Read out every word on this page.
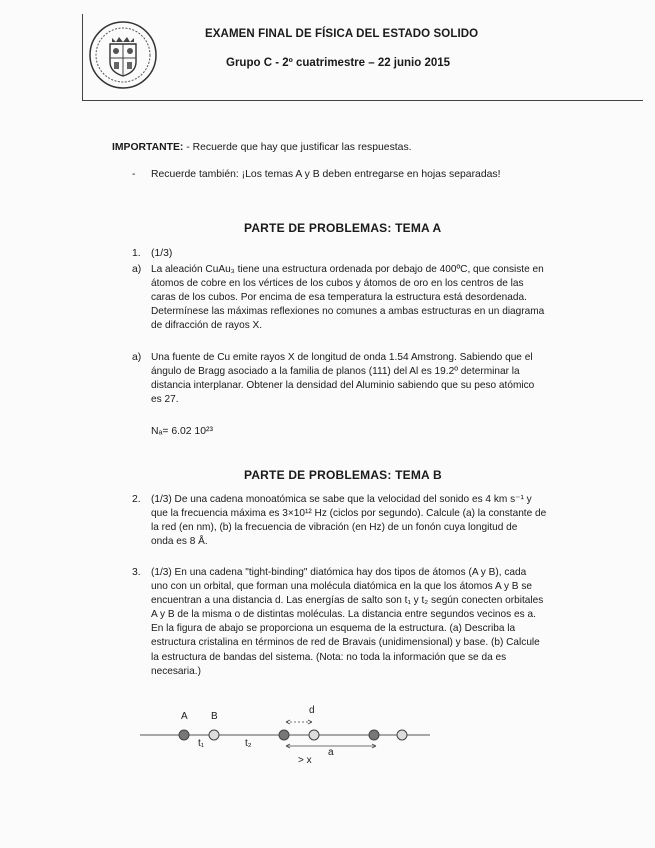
EXAMEN FINAL DE FÍSICA DEL ESTADO SOLIDO
Grupo C - 2º cuatrimestre – 22 junio 2015
IMPORTANTE: - Recuerde que hay que justificar las respuestas.
- Recuerde también: ¡Los temas A y B deben entregarse en hojas separadas!
PARTE DE PROBLEMAS: TEMA A
1. (1/3)
a) La aleación CuAu₃ tiene una estructura ordenada por debajo de 400ºC, que consiste en
átomos de cobre en los vértices de los cubos y átomos de oro en los centros de las
caras de los cubos. Por encima de esa temperatura la estructura está desordenada.
Determínese las máximas reflexiones no comunes a ambas estructuras en un diagrama
de difracción de rayos X.
a) Una fuente de Cu emite rayos X de longitud de onda 1.54 Amstrong. Sabiendo que el
ángulo de Bragg asociado a la familia de planos (111) del Al es 19.2º determinar la
distancia interplanar. Obtener la densidad del Aluminio sabiendo que su peso atómico
es 27.
Nₐ= 6.02 10²³
PARTE DE PROBLEMAS: TEMA B
2. (1/3) De una cadena monoatómica se sabe que la velocidad del sonido es 4 km s⁻¹ y
que la frecuencia máxima es 3×10¹² Hz (ciclos por segundo). Calcule (a) la constante de
la red (en nm), (b) la frecuencia de vibración (en Hz) de un fonón cuya longitud de
onda es 8 Å.
3. (1/3) En una cadena "tight-binding" diatómica hay dos tipos de átomos (A y B), cada
uno con un orbital, que forman una molécula diatómica en la que los átomos A y B se
encuentran a una distancia d. Las energías de salto son t₁ y t₂ según conecten orbitales
A y B de la misma o de distintas moléculas. La distancia entre segundos vecinos es a.
En la figura de abajo se proporciona un esquema de la estructura. (a) Describa la
estructura cristalina en términos de red de Bravais (unidimensional) y base. (b) Calcule
la estructura de bandas del sistema. (Nota: no toda la información que se da es
necesaria.)
A B
d
t₁	t₂
a
> x
